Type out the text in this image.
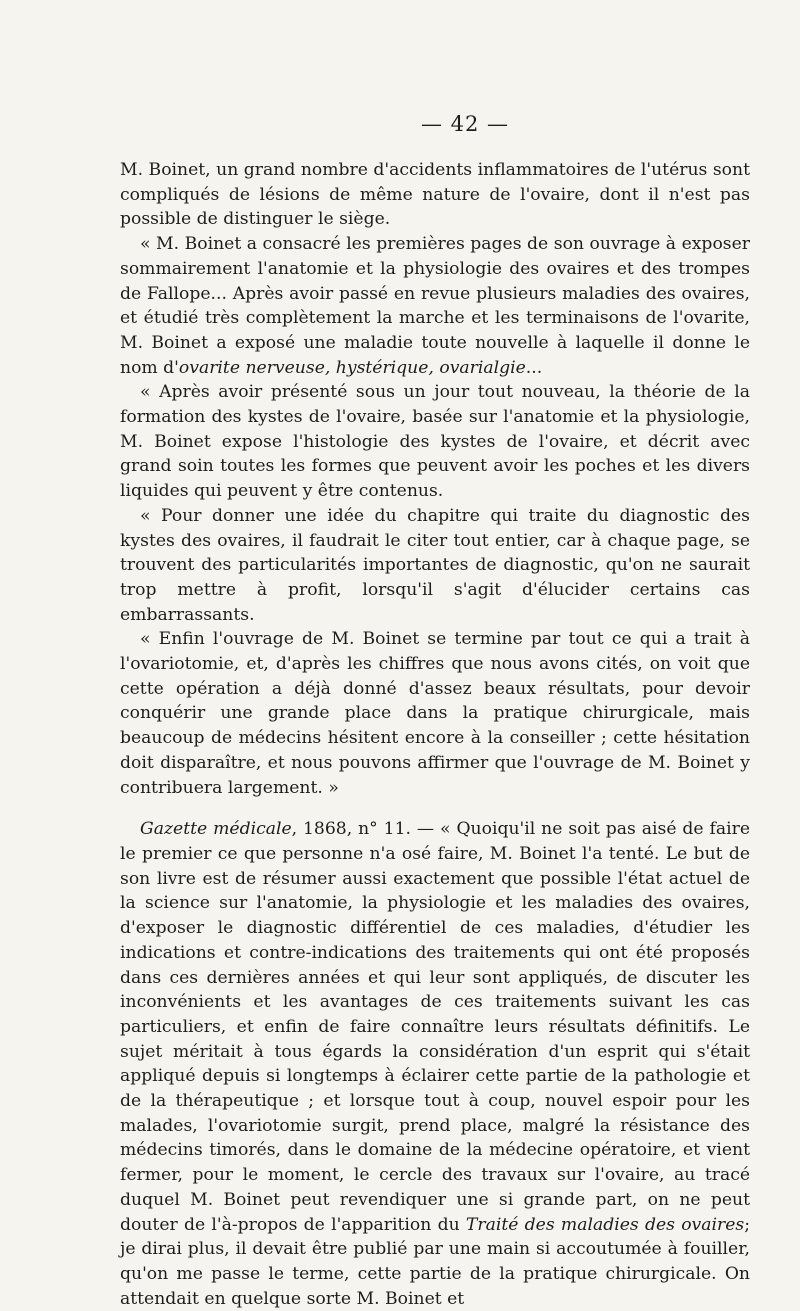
— 42 —

M. Boinet, un grand nombre d'accidents inflammatoires de l'utérus sont compliqués de lésions de même nature de l'ovaire, dont il n'est pas possible de distinguer le siège.

« M. Boinet a consacré les premières pages de son ouvrage à exposer sommairement l'anatomie et la physiologie des ovaires et des trompes de Fallope... Après avoir passé en revue plusieurs maladies des ovaires, et étudié très complètement la marche et les terminaisons de l'ovarite, M. Boinet a exposé une maladie toute nouvelle à laquelle il donne le nom d'ovarite nerveuse, hystérique, ovarialgie...

« Après avoir présenté sous un jour tout nouveau, la théorie de la formation des kystes de l'ovaire, basée sur l'anatomie et la physiologie, M. Boinet expose l'histologie des kystes de l'ovaire, et décrit avec grand soin toutes les formes que peuvent avoir les poches et les divers liquides qui peuvent y être contenus.

« Pour donner une idée du chapitre qui traite du diagnostic des kystes des ovaires, il faudrait le citer tout entier, car à chaque page, se trouvent des particularités importantes de diagnostic, qu'on ne saurait trop mettre à profit, lorsqu'il s'agit d'élucider certains cas embarrassants.

« Enfin l'ouvrage de M. Boinet se termine par tout ce qui a trait à l'ovariotomie, et, d'après les chiffres que nous avons cités, on voit que cette opération a déjà donné d'assez beaux résultats, pour devoir conquérir une grande place dans la pratique chirurgicale, mais beaucoup de médecins hésitent encore à la conseiller ; cette hésitation doit disparaître, et nous pouvons affirmer que l'ouvrage de M. Boinet y contribuera largement. »

Gazette médicale, 1868, n° 11. — « Quoiqu'il ne soit pas aisé de faire le premier ce que personne n'a osé faire, M. Boinet l'a tenté. Le but de son livre est de résumer aussi exactement que possible l'état actuel de la science sur l'anatomie, la physiologie et les maladies des ovaires, d'exposer le diagnostic différentiel de ces maladies, d'étudier les indications et contre-indications des traitements qui ont été proposés dans ces dernières années et qui leur sont appliqués, de discuter les inconvénients et les avantages de ces traitements suivant les cas particuliers, et enfin de faire connaître leurs résultats définitifs. Le sujet méritait à tous égards la considération d'un esprit qui s'était appliqué depuis si longtemps à éclairer cette partie de la pathologie et de la thérapeutique ; et lorsque tout à coup, nouvel espoir pour les malades, l'ovariotomie surgit, prend place, malgré la résistance des médecins timorés, dans le domaine de la médecine opératoire, et vient fermer, pour le moment, le cercle des travaux sur l'ovaire, au tracé duquel M. Boinet peut revendiquer une si grande part, on ne peut douter de l'à-propos de l'apparition du Traité des maladies des ovaires; je dirai plus, il devait être publié par une main si accoutumée à fouiller, qu'on me passe le terme, cette partie de la pratique chirurgicale. On attendait en quelque sorte M. Boinet et
